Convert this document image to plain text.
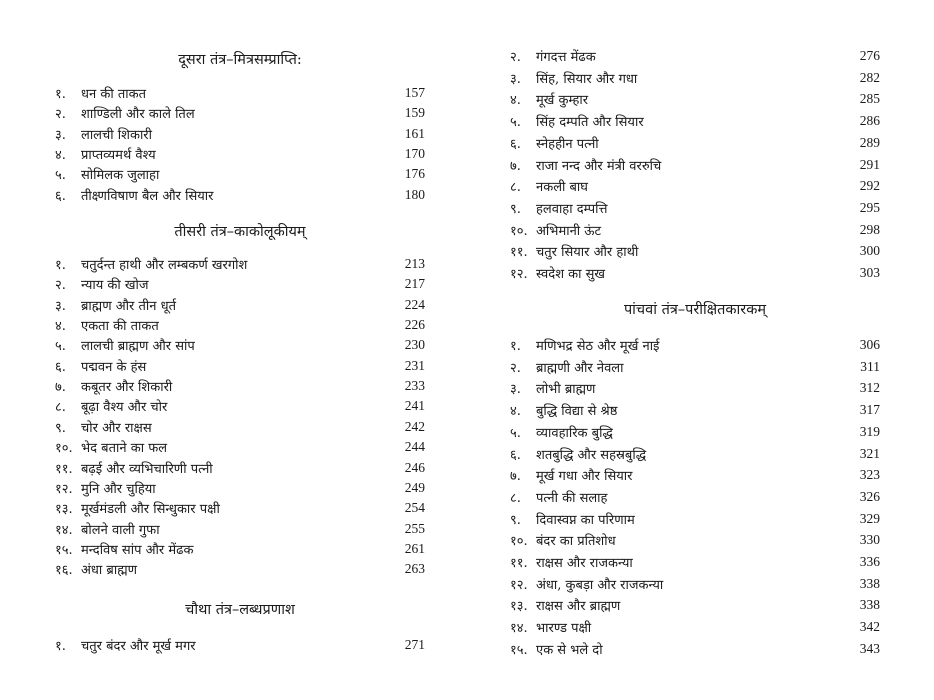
दूसरा तंत्र–मित्रसम्प्राप्ति:
१. धन की ताकत	157
२. शाण्डिली और काले तिल	159
३. लालची शिकारी	161
४. प्राप्तव्यमर्थ वैश्य	170
५. सोमिलक जुलाहा	176
६. तीक्ष्णविषाण बैल और सियार	180
तीसरी तंत्र–काकोलूकीयम्
१. चतुर्दन्त हाथी और लम्बकर्ण खरगोश	213
२. न्याय की खोज	217
३. ब्राह्मण और तीन धूर्त	224
४. एकता की ताकत	226
५. लालची ब्राह्मण और सांप	230
६. पद्मवन के हंस	231
७. कबूतर और शिकारी	233
८. बूढ़ा वैश्य और चोर	241
९. चोर और राक्षस	242
१०. भेद बताने का फल	244
११. बढ़ई और व्यभिचारिणी पत्नी	246
१२. मुनि और चुहिया	249
१३. मूर्खमंडली और सिन्धुकार पक्षी	254
१४. बोलने वाली गुफा	255
१५. मन्दविष सांप और मेंढक	261
१६. अंधा ब्राह्मण	263
चौथा तंत्र–लब्धप्रणाश
१. चतुर बंदर और मूर्ख मगर	271
२. गंगदत्त मेंढक	276
३. सिंह, सियार और गधा	282
४. मूर्ख कुम्हार	285
५. सिंह दम्पति और सियार	286
६. स्नेहहीन पत्नी	289
७. राजा नन्द और मंत्री वररुचि	291
८. नकली बाघ	292
९. हलवाहा दम्पत्ति	295
१०. अभिमानी ऊंट	298
११. चतुर सियार और हाथी	300
१२. स्वदेश का सुख	303
पांचवां तंत्र–परीक्षितकारकम्
१. मणिभद्र सेठ और मूर्ख नाई	306
२. ब्राह्मणी और नेवला	311
३. लोभी ब्राह्मण	312
४. बुद्धि विद्या से श्रेष्ठ	317
५. व्यावहारिक बुद्धि	319
६. शतबुद्धि और सहस्रबुद्धि	321
७. मूर्ख गधा और सियार	323
८. पत्नी की सलाह	326
९. दिवास्वप्न का परिणाम	329
१०. बंदर का प्रतिशोध	330
११. राक्षस और राजकन्या	336
१२. अंधा, कुबड़ा और राजकन्या	338
१३. राक्षस और ब्राह्मण	338
१४. भारण्ड पक्षी	342
१५. एक से भले दो	343
